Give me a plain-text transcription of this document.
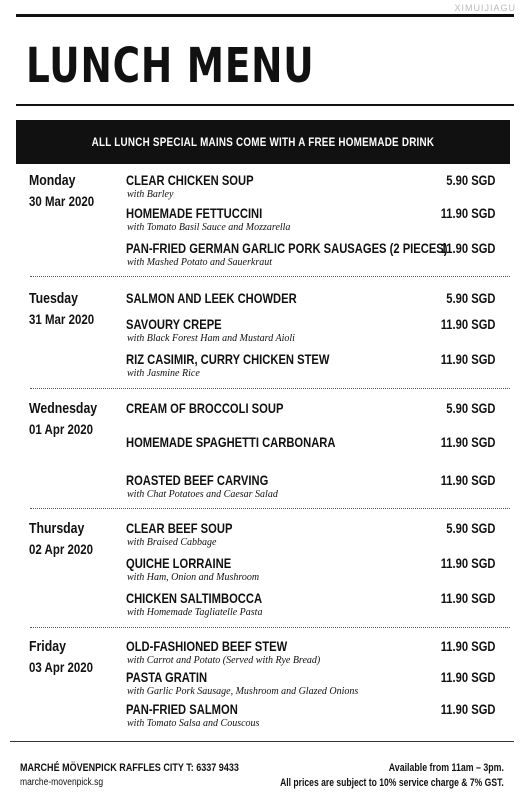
XIMUIJIAGU
LUNCH MENU
ALL LUNCH SPECIAL MAINS COME WITH A FREE HOMEMADE DRINK
Monday
30 Mar 2020
CLEAR CHICKEN SOUP
with Barley
5.90 SGD
HOMEMADE FETTUCCINI
with Tomato Basil Sauce and Mozzarella
11.90 SGD
PAN-FRIED GERMAN GARLIC PORK SAUSAGES (2 PIECES)
with Mashed Potato and Sauerkraut
11.90 SGD
Tuesday
31 Mar 2020
SALMON AND LEEK CHOWDER	5.90 SGD
SAVOURY CREPE
with Black Forest Ham and Mustard Aioli
11.90 SGD
RIZ CASIMIR, CURRY CHICKEN STEW
with Jasmine Rice
11.90 SGD
Wednesday
01 Apr 2020
CREAM OF BROCCOLI SOUP	5.90 SGD
HOMEMADE SPAGHETTI CARBONARA	11.90 SGD
ROASTED BEEF CARVING
with Chat Potatoes and Caesar Salad
11.90 SGD
Thursday
02 Apr 2020
CLEAR BEEF SOUP
with Braised Cabbage
5.90 SGD
QUICHE LORRAINE
with Ham, Onion and Mushroom
11.90 SGD
CHICKEN SALTIMBOCCA
with Homemade Tagliatelle Pasta
11.90 SGD
Friday
03 Apr 2020
OLD-FASHIONED BEEF STEW
with Carrot and Potato (Served with Rye Bread)
11.90 SGD
PASTA GRATIN
with Garlic Pork Sausage, Mushroom and Glazed Onions
11.90 SGD
PAN-FRIED SALMON
with Tomato Salsa and Couscous
11.90 SGD
MARCHÉ MÖVENPICK RAFFLES CITY T: 6337 9433
marche-movenpick.sg
Available from 11am – 3pm.
All prices are subject to 10% service charge & 7% GST.
